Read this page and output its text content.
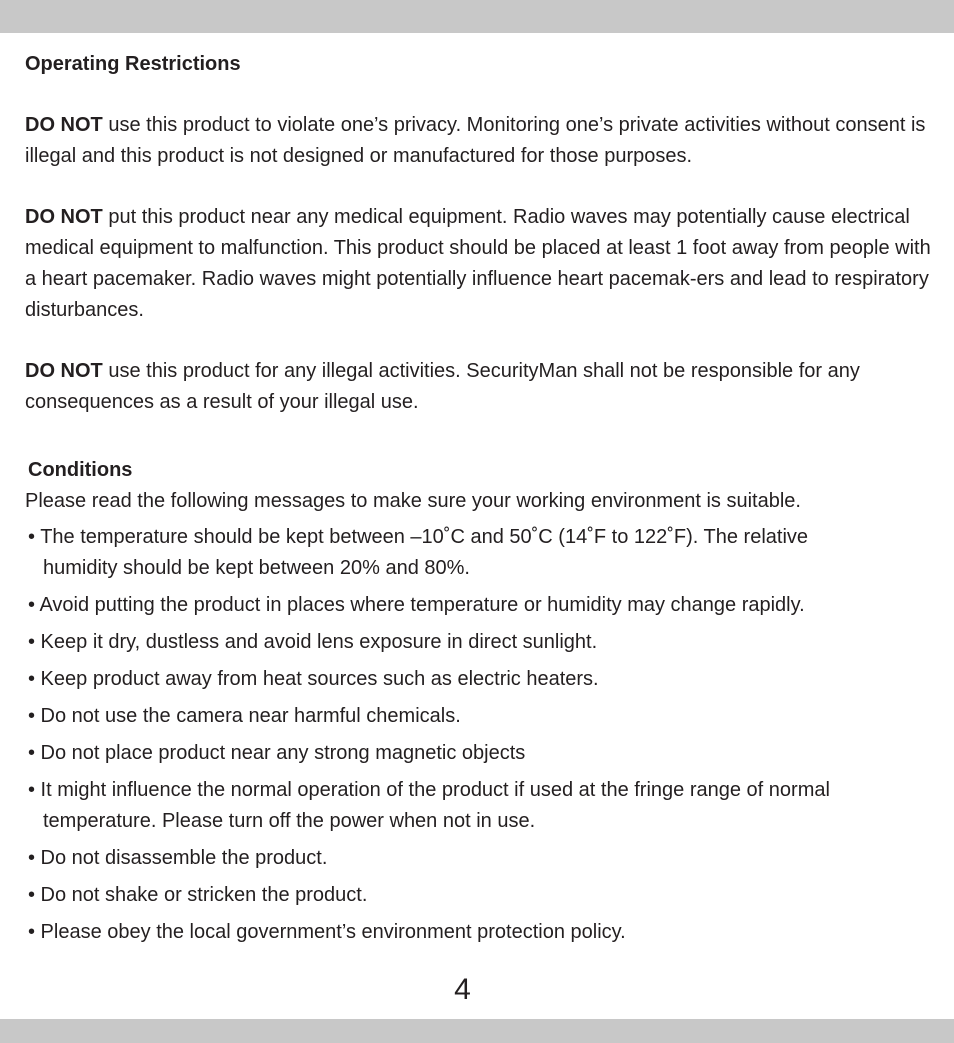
Operating Restrictions
DO NOT use this product to violate one’s privacy. Monitoring one’s private activities without consent is illegal and this product is not designed or manufactured for those purposes.
DO NOT put this product near any medical equipment. Radio waves may potentially cause electrical medical equipment to malfunction. This product should be placed at least 1 foot away from people with a heart pacemaker. Radio waves might potentially influence heart pacemak-ers and lead to respiratory disturbances.
DO NOT use this product for any illegal activities. SecurityMan shall not be responsible for any consequences as a result of your illegal use.
Conditions
Please read the following messages to make sure your working environment is suitable.
• The temperature should be kept between –10˚C and 50˚C (14˚F to 122˚F). The relative
humidity should be kept between 20% and 80%.
• Avoid putting the product in places where temperature or humidity may change rapidly.
• Keep it dry, dustless and avoid lens exposure in direct sunlight.
• Keep product away from heat sources such as electric heaters.
• Do not use the camera near harmful chemicals.
• Do not place product near any strong magnetic objects
• It might influence the normal operation of the product if used at the fringe range of normal
temperature. Please turn off the power when not in use.
• Do not disassemble the product.
• Do not shake or stricken the product.
• Please obey the local government’s environment protection policy.
4
